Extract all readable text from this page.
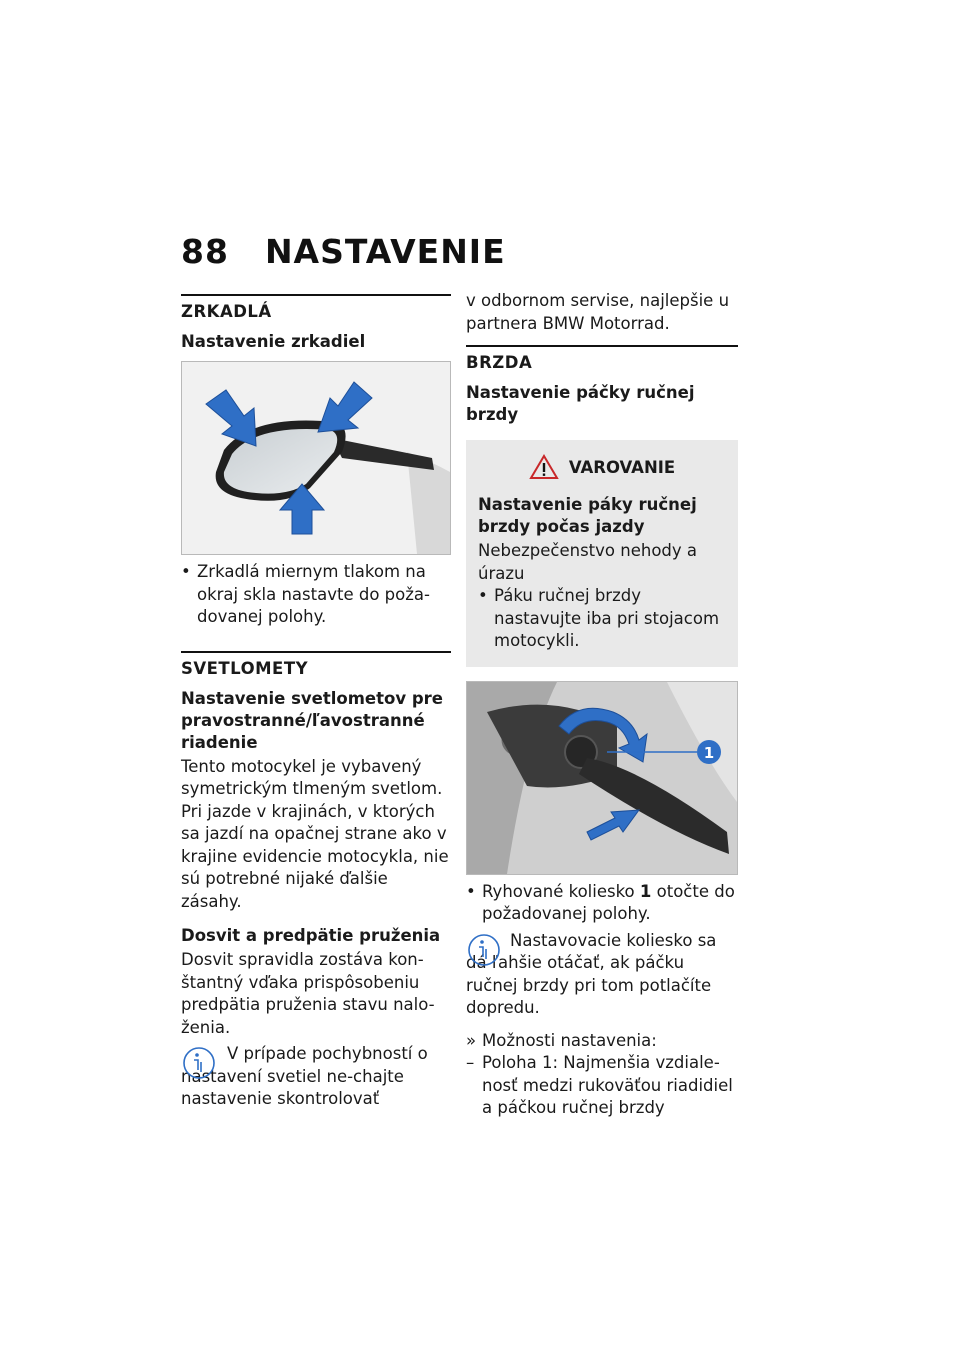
88 NASTAVENIE
ZRKADLÁ
Nastavenie zrkadiel

• Zrkadlá miernym tlakom na okraj skla nastavte do poža-dovanej polohy.

SVETLOMETY
Nastavenie svetlometov pre pravostranné/ľavostranné riadenie

Tento motocykel je vybavený symetrickým tlmeným svetlom. Pri jazde v krajinách, v ktorých sa jazdí na opačnej strane ako v krajine evidencie motocykla, nie sú potrebné nijaké ďalšie zásahy.

Dosvit a predpätie pruženia

Dosvit spravidla zostáva kon-štantný vďaka prispôsobeniu predpätia pruženia stavu nalo-ženia.

V prípade pochybností o nastavení svetiel ne-chajte nastavenie skontrolovať

v odbornom servise, najlepšie u partnera BMW Motorrad.

BRZDA
Nastavenie páčky ručnej brzdy
VAROVANIE
Nastavenie páky ručnej brzdy počas jazdy

Nebezpečenstvo nehody a úrazu

• Páku ručnej brzdy nastavujte iba pri stojacom motocykli.

1

• Ryhované koliesko 1 otočte do požadovanej polohy.

Nastavovacie koliesko sa dá ľahšie otáčať, ak páčku ručnej brzdy pri tom potlačíte dopredu.

» Možnosti nastavenia:

– Poloha 1: Najmenšia vzdiale-nosť medzi rukoväťou riadidiel a páčkou ručnej brzdy
